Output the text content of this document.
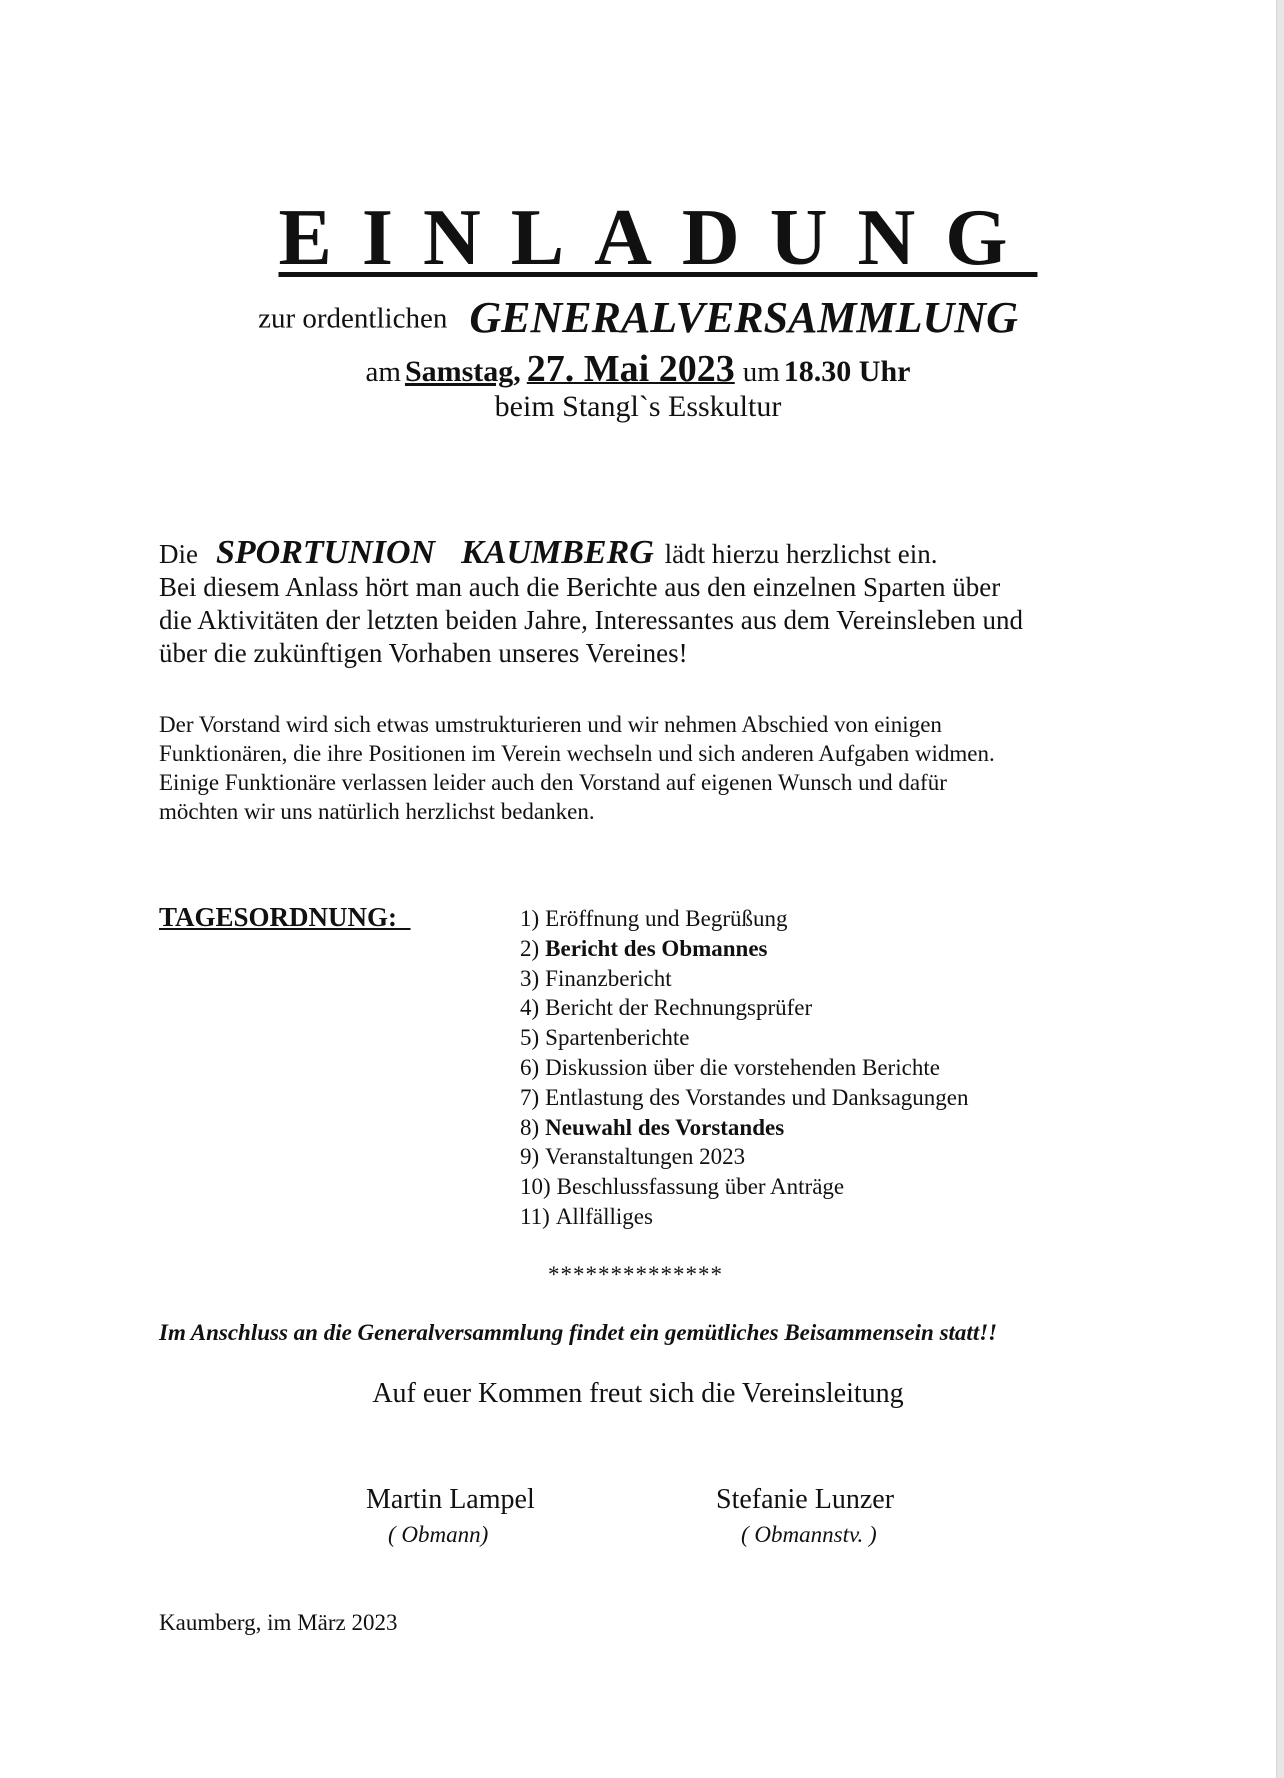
EINLADUNG
zur ordentlichen GENERALVERSAMMLUNG
am Samstag, 27. Mai 2023 um 18.30 Uhr
beim Stangl`s Esskultur
Die SPORTUNION KAUMBERG lädt hierzu herzlichst ein.
Bei diesem Anlass hört man auch die Berichte aus den einzelnen Sparten über
die Aktivitäten der letzten beiden Jahre, Interessantes aus dem Vereinsleben und
über die zukünftigen Vorhaben unseres Vereines!
Der Vorstand wird sich etwas umstrukturieren und wir nehmen Abschied von einigen
Funktionären, die ihre Positionen im Verein wechseln und sich anderen Aufgaben widmen.
Einige Funktionäre verlassen leider auch den Vorstand auf eigenen Wunsch und dafür
möchten wir uns natürlich herzlichst bedanken.
TAGESORDNUNG:	1) Eröffnung und Begrüßung
2) Bericht des Obmannes
3) Finanzbericht
4) Bericht der Rechnungsprüfer
5) Spartenberichte
6) Diskussion über die vorstehenden Berichte
7) Entlastung des Vorstandes und Danksagungen
8) Neuwahl des Vorstandes
9) Veranstaltungen 2023
10) Beschlussfassung über Anträge
11) Allfälliges
**************
Im Anschluss an die Generalversammlung findet ein gemütliches Beisammensein statt!!
Auf euer Kommen freut sich die Vereinsleitung
Martin Lampel
( Obmann)
Stefanie Lunzer
( Obmannstv. )
Kaumberg, im März 2023
